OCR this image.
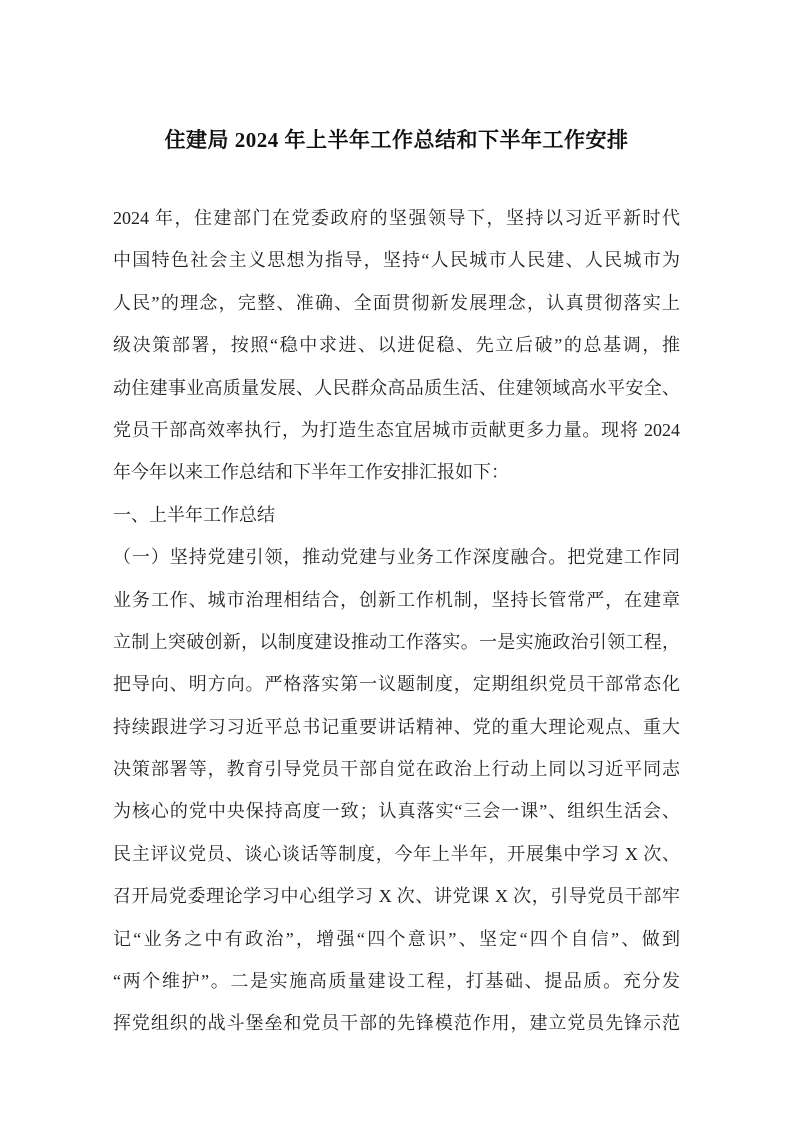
住建局 2024 年上半年工作总结和下半年工作安排
2024 年，住建部门在党委政府的坚强领导下，坚持以习近平新时代
中国特色社会主义思想为指导，坚持“人民城市人民建、人民城市为
人民”的理念，完整、准确、全面贯彻新发展理念，认真贯彻落实上
级决策部署，按照“稳中求进、以进促稳、先立后破”的总基调，推
动住建事业高质量发展、人民群众高品质生活、住建领域高水平安全、
党员干部高效率执行，为打造生态宜居城市贡献更多力量。现将 2024
年今年以来工作总结和下半年工作安排汇报如下：
一、上半年工作总结
（一）坚持党建引领，推动党建与业务工作深度融合。把党建工作同
业务工作、城市治理相结合，创新工作机制，坚持长管常严，在建章
立制上突破创新，以制度建设推动工作落实。一是实施政治引领工程，
把导向、明方向。严格落实第一议题制度，定期组织党员干部常态化
持续跟进学习习近平总书记重要讲话精神、党的重大理论观点、重大
决策部署等，教育引导党员干部自觉在政治上行动上同以习近平同志
为核心的党中央保持高度一致；认真落实“三会一课”、组织生活会、
民主评议党员、谈心谈话等制度，今年上半年，开展集中学习 X 次、
召开局党委理论学习中心组学习 X 次、讲党课 X 次，引导党员干部牢
记“业务之中有政治”，增强“四个意识”、坚定“四个自信”、做到
“两个维护”。二是实施高质量建设工程，打基础、提品质。充分发
挥党组织的战斗堡垒和党员干部的先锋模范作用，建立党员先锋示范
